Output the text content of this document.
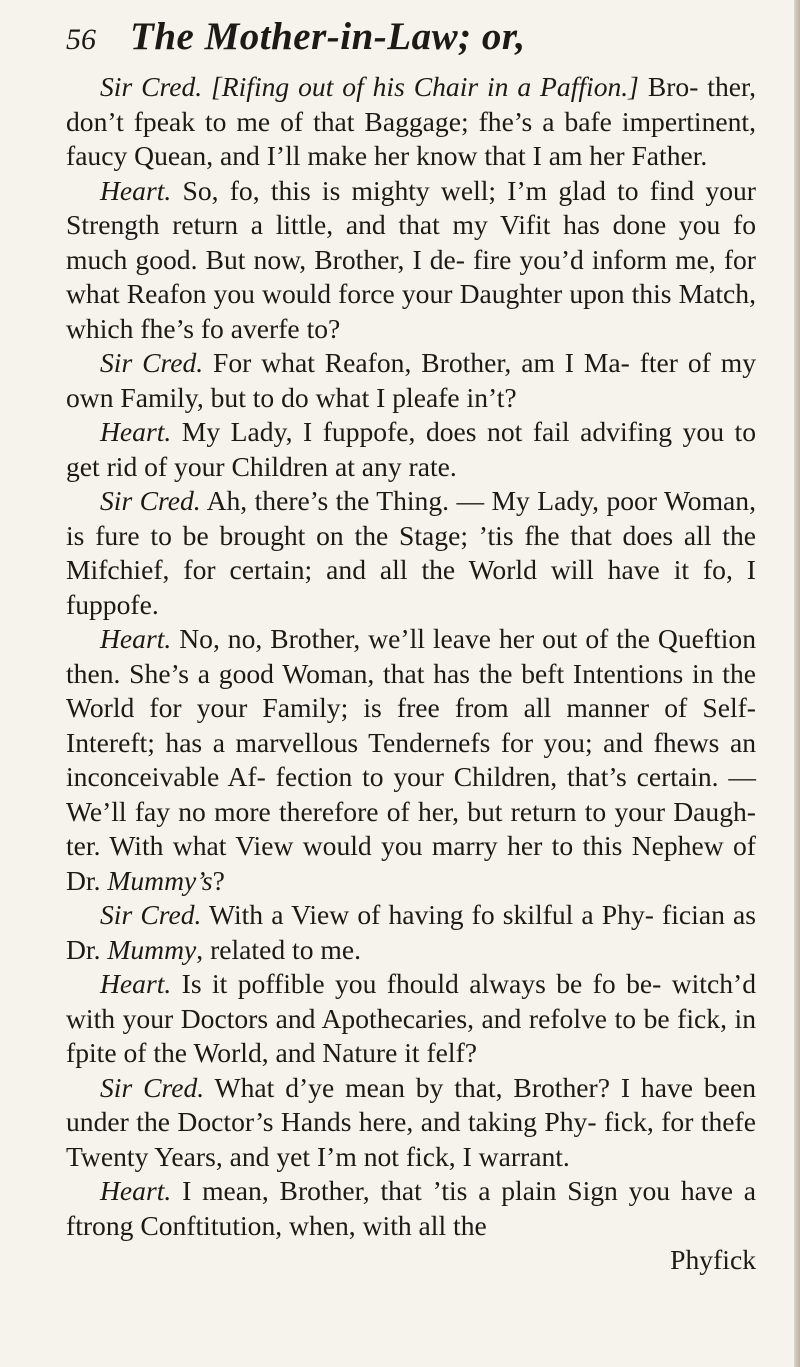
56 The Mother-in-Law; or,

Sir Cred. [Rifing out of his Chair in a Paffion.] Bro- ther, don’t fpeak to me of that Baggage; fhe’s a bafe impertinent, faucy Quean, and I’ll make her know that I am her Father.

Heart. So, fo, this is mighty well; I’m glad to find your Strength return a little, and that my Vifit has done you fo much good. But now, Brother, I de- fire you’d inform me, for what Reafon you would force your Daughter upon this Match, which fhe’s fo averfe to?

Sir Cred. For what Reafon, Brother, am I Ma- fter of my own Family, but to do what I pleafe in’t?

Heart. My Lady, I fuppofe, does not fail advifing you to get rid of your Children at any rate.

Sir Cred. Ah, there’s the Thing. — My Lady, poor Woman, is fure to be brought on the Stage; ’tis fhe that does all the Mifchief, for certain; and all the World will have it fo, I fuppofe.

Heart. No, no, Brother, we’ll leave her out of the Queftion then. She’s a good Woman, that has the beft Intentions in the World for your Family; is free from all manner of Self-Intereft; has a marvellous Tendernefs for you; and fhews an inconceivable Af- fection to your Children, that’s certain. — We’ll fay no more therefore of her, but return to your Daugh- ter. With what View would you marry her to this Nephew of Dr. Mummy’s?

Sir Cred. With a View of having fo skilful a Phy- fician as Dr. Mummy, related to me.

Heart. Is it poffible you fhould always be fo be- witch’d with your Doctors and Apothecaries, and refolve to be fick, in fpite of the World, and Nature it felf?

Sir Cred. What d’ye mean by that, Brother? I have been under the Doctor’s Hands here, and taking Phy- fick, for thefe Twenty Years, and yet I’m not fick, I warrant.

Heart. I mean, Brother, that ’tis a plain Sign you have a ftrong Conftitution, when, with all the

Phyfick
